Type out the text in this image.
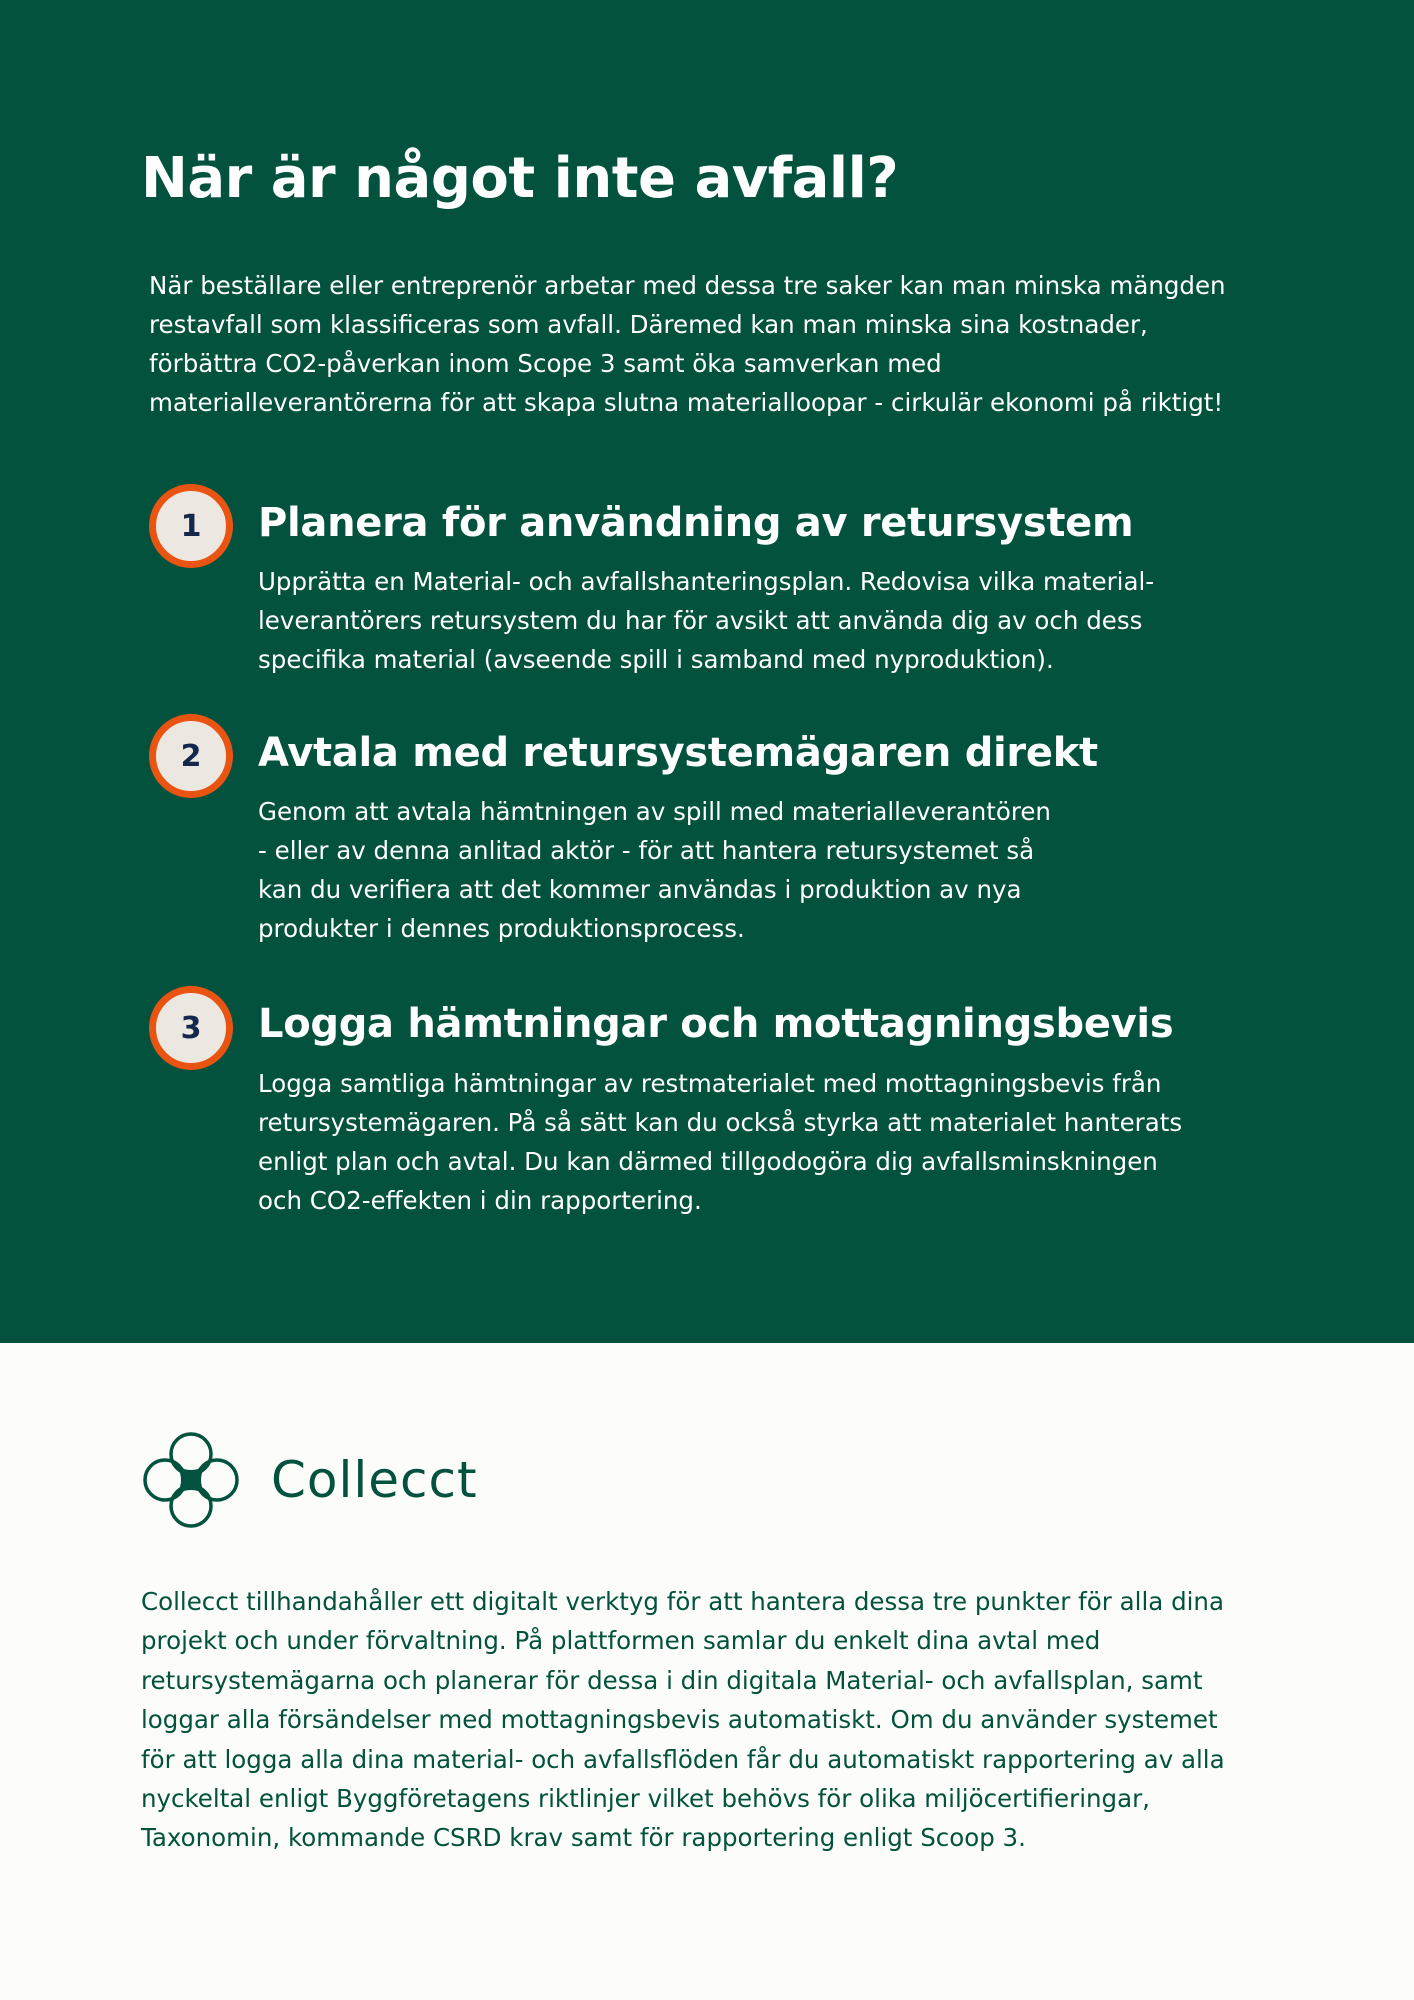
När är något inte avfall?

När beställare eller entreprenör arbetar med dessa tre saker kan man minska mängden
restavfall som klassificeras som avfall. Däremed kan man minska sina kostnader,
förbättra CO2-påverkan inom Scope 3 samt öka samverkan med
materialleverantörerna för att skapa slutna materialloopar - cirkulär ekonomi på riktigt!

1	Planera för användning av retursystem

Upprätta en Material- och avfallshanteringsplan. Redovisa vilka material-
leverantörers retursystem du har för avsikt att använda dig av och dess
specifika material (avseende spill i samband med nyproduktion).

2	Avtala med retursystemägaren direkt

Genom att avtala hämtningen av spill med materialleverantören
- eller av denna anlitad aktör - för att hantera retursystemet så
kan du verifiera att det kommer användas i produktion av nya
produkter i dennes produktionsprocess.

3	Logga hämtningar och mottagningsbevis

Logga samtliga hämtningar av restmaterialet med mottagningsbevis från
retursystemägaren. På så sätt kan du också styrka att materialet hanterats
enligt plan och avtal. Du kan därmed tillgodogöra dig avfallsminskningen
och CO2-effekten i din rapportering.

Collecct

Collecct tillhandahåller ett digitalt verktyg för att hantera dessa tre punkter för alla dina
projekt och under förvaltning. På plattformen samlar du enkelt dina avtal med
retursystemägarna och planerar för dessa i din digitala Material- och avfallsplan, samt
loggar alla försändelser med mottagningsbevis automatiskt. Om du använder systemet
för att logga alla dina material- och avfallsflöden får du automatiskt rapportering av alla
nyckeltal enligt Byggföretagens riktlinjer vilket behövs för olika miljöcertifieringar,
Taxonomin, kommande CSRD krav samt för rapportering enligt Scoop 3.
